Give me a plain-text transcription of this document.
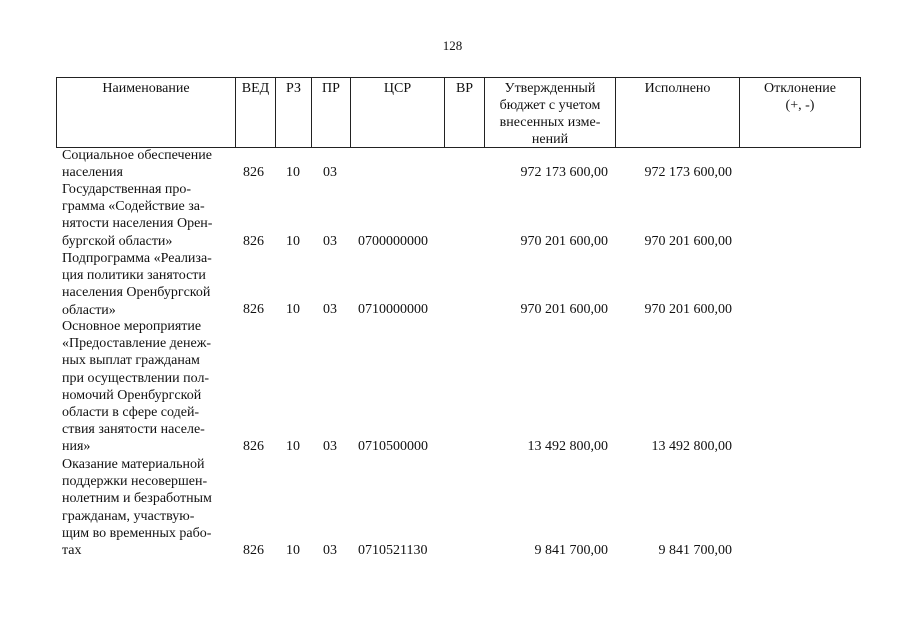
128
Наименование	ВЕД	РЗ	ПР	ЦСР	ВР	Утвержденный
бюджет с учетом
внесенных изме-
нений
Исполнено	Отклонение
(+, -)
Социальное обеспечение
населения	826 10 03	972 173 600,00	972 173 600,00
Государственная про-
грамма «Содействие за-
нятости населения Орен-
бургской области»	826 10 03 0700000000	970 201 600,00	970 201 600,00
Подпрограмма «Реализа-
ция политики занятости
населения Оренбургской
области»	826 10 03 0710000000	970 201 600,00	970 201 600,00
Основное мероприятие
«Предоставление денеж-
ных выплат гражданам
при осуществлении пол-
номочий Оренбургской
области в сфере содей-
ствия занятости населе-
ния»	826 10 03 0710500000	13 492 800,00	13 492 800,00
Оказание материальной
поддержки несовершен-
нолетним и безработным
гражданам, участвую-
щим во временных рабо-
тах	826 10 03 0710521130	9 841 700,00	9 841 700,00
